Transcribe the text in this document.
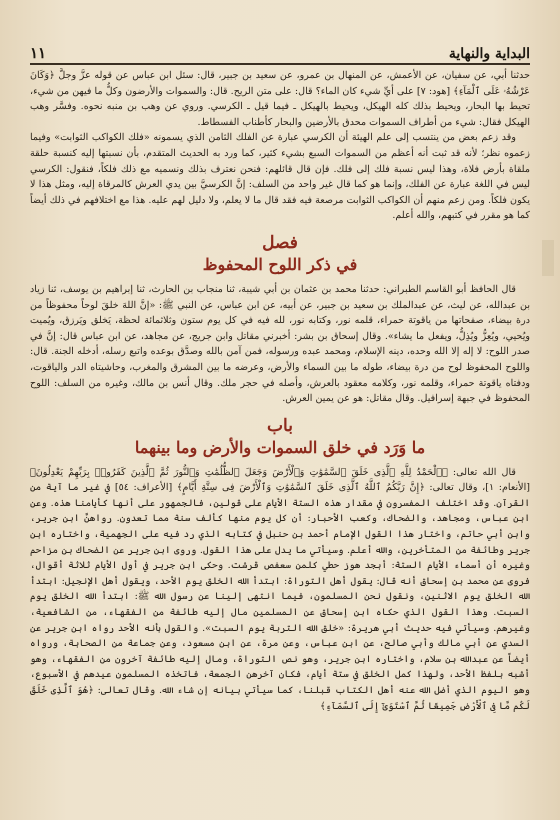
البداية والنهاية
١١

حدثنا أبي، عن سفيان، عن الأعمش، عن المنهال بن عمرو، عن سعيد بن جبير، قال: سئل ابن عباس عن قوله عزَّ وجلَّ ﴿وَكَانَ عَرْشُهُۥ عَلَى ٱلْمَآءِ﴾ [هود: ٧] على أيِّ شيء كان الماء؟ قال: على متن الريح. قال: والسموات والأرضون وكلُّ ما فيهن من شيء، تحيط بها البحار، ويحيط بذلك كله الهيكل، ويحيط بالهيكل ـ فيما قيل ـ الكرسي. وروي عن وهب بن منبه نحوه. وفسَّر وهب الهيكل فقال: شيء من أطراف السموات محدق بالأرضين والبحار كأطناب الفسطاط.

وقد زعم بعض من ينتسب إلى علم الهيئة أن الكرسي عبارة عن الفلك الثامن الذي يسمونه «فلك الكواكب الثوابت» وفيما زعموه نظر؛ لأنه قد ثبت أنه أعظم من السموات السبع بشيء كثير، كما ورد به الحديث المتقدم، بأن نسبتها إليه كنسبة حلقة ملقاة بأرض فلاة، وهذا ليس نسبة فلك إلى فلك. فإن قال قائلهم: فنحن نعترف بذلك ونسميه مع ذلك فلكاً، فنقول: الكرسي ليس في اللغة عبارة عن الفلك، وإنما هو كما قال غير واحد من السلف: إنَّ الكرسيَّ بين يدي العرش كالمرقاة إليه، ومثل هذا لا يكون فلكاً. ومن زعم منهم أن الكواكب الثوابت مرصعة فيه فقد قال ما لا يعلم، ولا دليل لهم عليه. هذا مع اختلافهم في ذلك أيضاً كما هو مقرر في كتبهم، والله أعلم.

فصل
في ذكر اللوح المحفوظ

قال الحافظ أبو القاسم الطبراني: حدثنا محمد بن عثمان بن أبي شيبة، ثنا منجاب بن الحارث، ثنا إبراهيم بن يوسف، ثنا زياد بن عبدالله، عن ليث، عن عبدالملك بن سعيد بن جبير، عن أبيه، عن ابن عباس، عن النبي ﷺ: «إنَّ اللهَ خلقَ لوحاً محفوظاً من درة بيضاء، صفحاتها من ياقوتة حمراء، قلمه نور، وكتابه نور، لله فيه في كل يوم ستون وثلاثمائة لحظة، يَخلق ويَرزق، ويُميت ويُحيي، ويُعِزُّ ويُذِلُّ، ويفعل ما يشاء». وقال إسحاق بن بشر: أخبرني مقاتل وابن جريج، عن مجاهد، عن ابن عباس قال: إنَّ في صدر اللوح: لا إله إلا الله وحده، دينه الإسلام، ومحمد عبده ورسوله، فمن آمن بالله وصدَّق بوعده واتبع رسله، أدخله الجنة. قال: واللوح المحفوظ لوح من درة بيضاء، طوله ما بين السماء والأرض، وعرضه ما بين المشرق والمغرب، وحاشيتاه الدر والياقوت، ودفتاه ياقوتة حمراء، وقلمه نور، وكلامه معقود بالعرش، وأصله في حجر ملك. وقال أنس بن مالك، وغيره من السلف: اللوح المحفوظ في جبهة إسرافيل. وقال مقاتل: هو عن يمين العرش.

باب
ما وَرَد في خلق السموات والأرض وما بينهما

قال الله تعالى: ﴿ٱلْحَمْدُ لِلَّهِ ٱلَّذِى خَلَقَ ٱلسَّمَٰوَٰتِ وَٱلْأَرْضَ وَجَعَلَ ٱلظُّلُمَٰتِ وَٱلنُّورَ ثُمَّ ٱلَّذِينَ كَفَرُوا۟ بِرَبِّهِمْ يَعْدِلُونَ﴾ [الأنعام: ١]، وقال تعالى: ﴿إِنَّ رَبَّكُمُ ٱللَّهُ ٱلَّذِى خَلَقَ ٱلسَّمَٰوَٰتِ وَٱلْأَرْضَ فِى سِتَّةِ أَيَّامٍ﴾ [الأعراف: ٥٤] في غير ما آية من القرآن. وقد اختلف المفسرون في مقدار هذه الستة الأيام على قولين، فالجمهور على أنها كأيامنا هذه. وعن ابن عباس، ومجاهد، والضحاك، وكعب الأحبار: أن كل يوم منها كألف سنة مما تعدون. رواهنَّ ابن جرير، وابن أبي حاتم، واختار هذا القول الإمام أحمد بن حنبل في كتابه الذي رد فيه على الجهمية، واختاره ابن جرير وطائفة من المتأخرين، والله أعلم. وسيأتي ما يدل على هذا القول. وروى ابن جرير عن الضحاك بن مزاحم وغيره أن أسماء الأيام الستة: أبجد هوز حطي كلمن سعفص قرشت. وحكى ابن جرير في أول الأيام ثلاثة أقوال، فروى عن محمد بن إسحاق أنه قال: يقول أهل التوراة: ابتدأ الله الخلق يوم الأحد، ويقول أهل الإنجيل: ابتدأ الله الخلق يوم الاثنين، ونقول نحن المسلمون، فيما انتهى إلينا عن رسول الله ﷺ: ابتدأ الله الخلق يوم السبت. وهذا القول الذي حكاه ابن إسحاق عن المسلمين مال إليه طائفة من الفقهاء، من الشافعية، وغيرهم. وسيأتي فيه حديث أبي هريرة: «خلق الله التربة يوم السبت». والقول بأنه الأحد رواه ابن جرير عن السدي عن أبي مالك وأبي صالح، عن ابن عباس، وعن مرة، عن ابن مسعود، وعن جماعة من الصحابة، ورواه أيضاً عن عبدالله بن سلام، واختاره ابن جرير، وهو نص التوراة، ومال إليه طائفة آخرون من الفقهاء، وهو أشبه بلفظ الأحد، ولهذا كمل الخلق في ستة أيام، فكان آخرهن الجمعة، فاتخذه المسلمون عيدهم في الأسبوع، وهو اليوم الذي أضل الله عنه أهل الكتاب قبلنا، كما سيأتي بيانه إن شاء الله. وقال تعالى: ﴿هُوَ ٱلَّذِى خَلَقَ لَكُم مَّا فِى ٱلْأَرْضِ جَمِيعًا ثُمَّ ٱسْتَوَىٰٓ إِلَى ٱلسَّمَآءِ﴾
